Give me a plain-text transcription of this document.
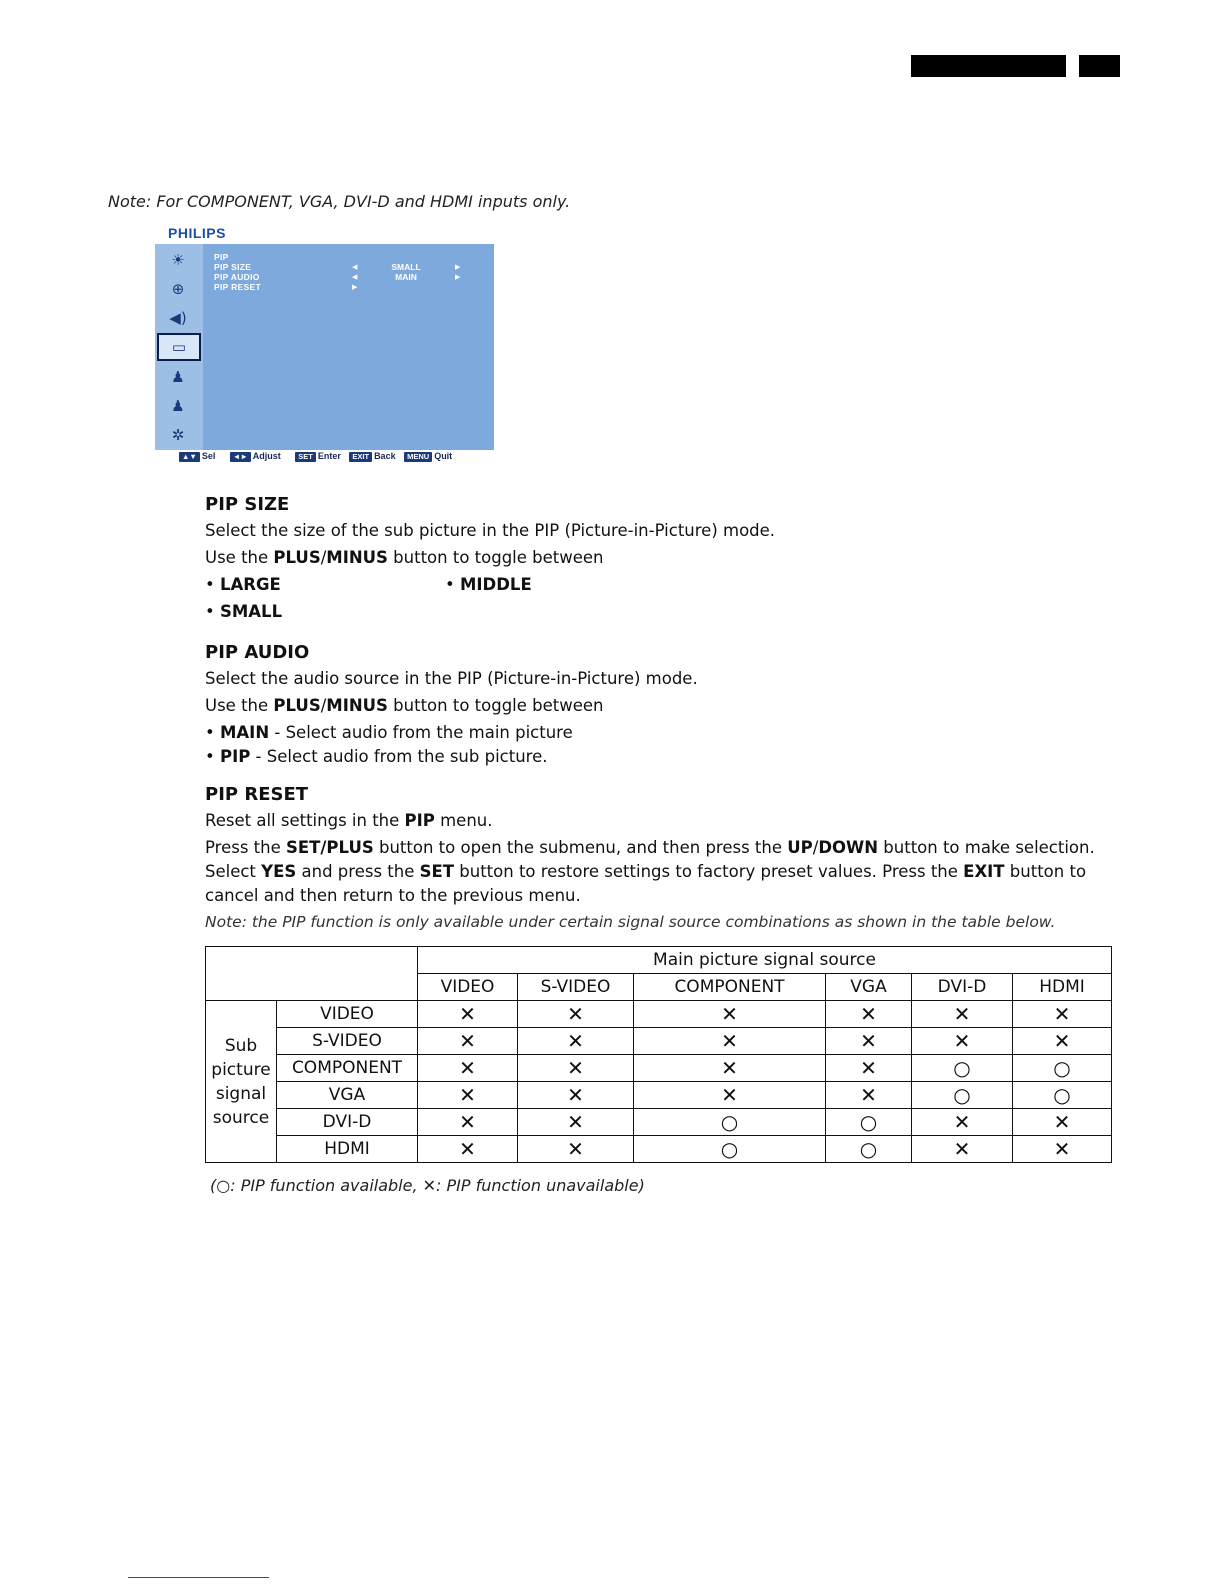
Note: For COMPONENT, VGA, DVI-D and HDMI inputs only.
PHILIPS
☀
⊕
◀)
▭
♟
♟
✲
PIP
PIP SIZE	◀	SMALL	▶
PIP AUDIO	◀	MAIN	▶
PIP RESET	▶
▲▼ Sel ◄► Adjust SET Enter EXIT Back MENU Quit

PIP SIZE

Select the size of the sub picture in the PIP (Picture-in-Picture) mode.

Use the PLUS/MINUS button to toggle between

• LARGE	• MIDDLE

• SMALL

PIP AUDIO

Select the audio source in the PIP (Picture-in-Picture) mode.

Use the PLUS/MINUS button to toggle between

• MAIN - Select audio from the main picture

• PIP - Select audio from the sub picture.

PIP RESET

Reset all settings in the PIP menu.

Press the SET/PLUS button to open the submenu, and then press the UP/DOWN button to make selection. Select YES and press the SET button to restore settings to factory preset values. Press the EXIT button to cancel and then return to the previous menu.

Note: the PIP function is only available under certain signal source combinations as shown in the table below.

		Main picture signal source					
		VIDEO	S-VIDEO	COMPONENT	VGA	DVI-D	HDMI
Sub picture signal source	VIDEO	✕	✕	✕	✕	✕	✕
	S-VIDEO	✕	✕	✕	✕	✕	✕
	COMPONENT	✕	✕	✕	✕	○	○
	VGA	✕	✕	✕	✕	○	○
	DVI-D	✕	✕	○	○	✕	✕
	HDMI	✕	✕	○	○	✕	✕
(○: PIP function available, ✕: PIP function unavailable)
